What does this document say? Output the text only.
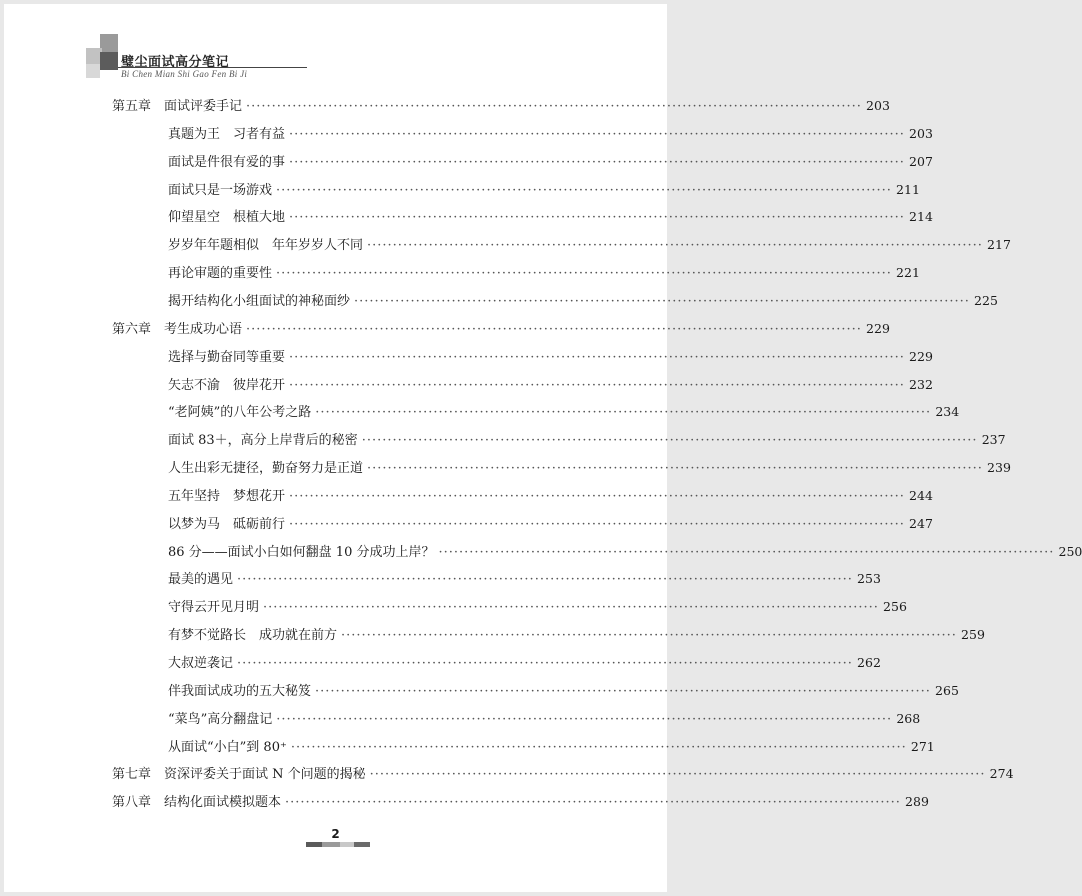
璧尘面试高分笔记
Bi Chen Mian Shi Gao Fen Bi Ji
第五章 面试评委手记 ························································································································ 203
真题为王　习者有益 ························································································································ 203
面试是件很有爱的事 ························································································································ 207
面试只是一场游戏 ························································································································ 211
仰望星空　根植大地 ························································································································ 214
岁岁年年题相似　年年岁岁人不同 ························································································································ 217
再论审题的重要性 ························································································································ 221
揭开结构化小组面试的神秘面纱 ························································································································ 225
第六章 考生成功心语 ························································································································ 229
选择与勤奋同等重要 ························································································································ 229
矢志不渝　彼岸花开 ························································································································ 232
“老阿姨”的八年公考之路 ························································································································ 234
面试 83＋，高分上岸背后的秘密 ························································································································ 237
人生出彩无捷径，勤奋努力是正道 ························································································································ 239
五年坚持　梦想花开 ························································································································ 244
以梦为马　砥砺前行 ························································································································ 247
86 分——面试小白如何翻盘 10 分成功上岸？ ························································································································ 250
最美的遇见 ························································································································ 253
守得云开见月明 ························································································································ 256
有梦不觉路长　成功就在前方 ························································································································ 259
大叔逆袭记 ························································································································ 262
伴我面试成功的五大秘笈 ························································································································ 265
“菜鸟”高分翻盘记 ························································································································ 268
从面试“小白”到 80⁺ ························································································································ 271
第七章 资深评委关于面试 N 个问题的揭秘 ························································································································ 274
第八章 结构化面试模拟题本 ························································································································ 289
2
